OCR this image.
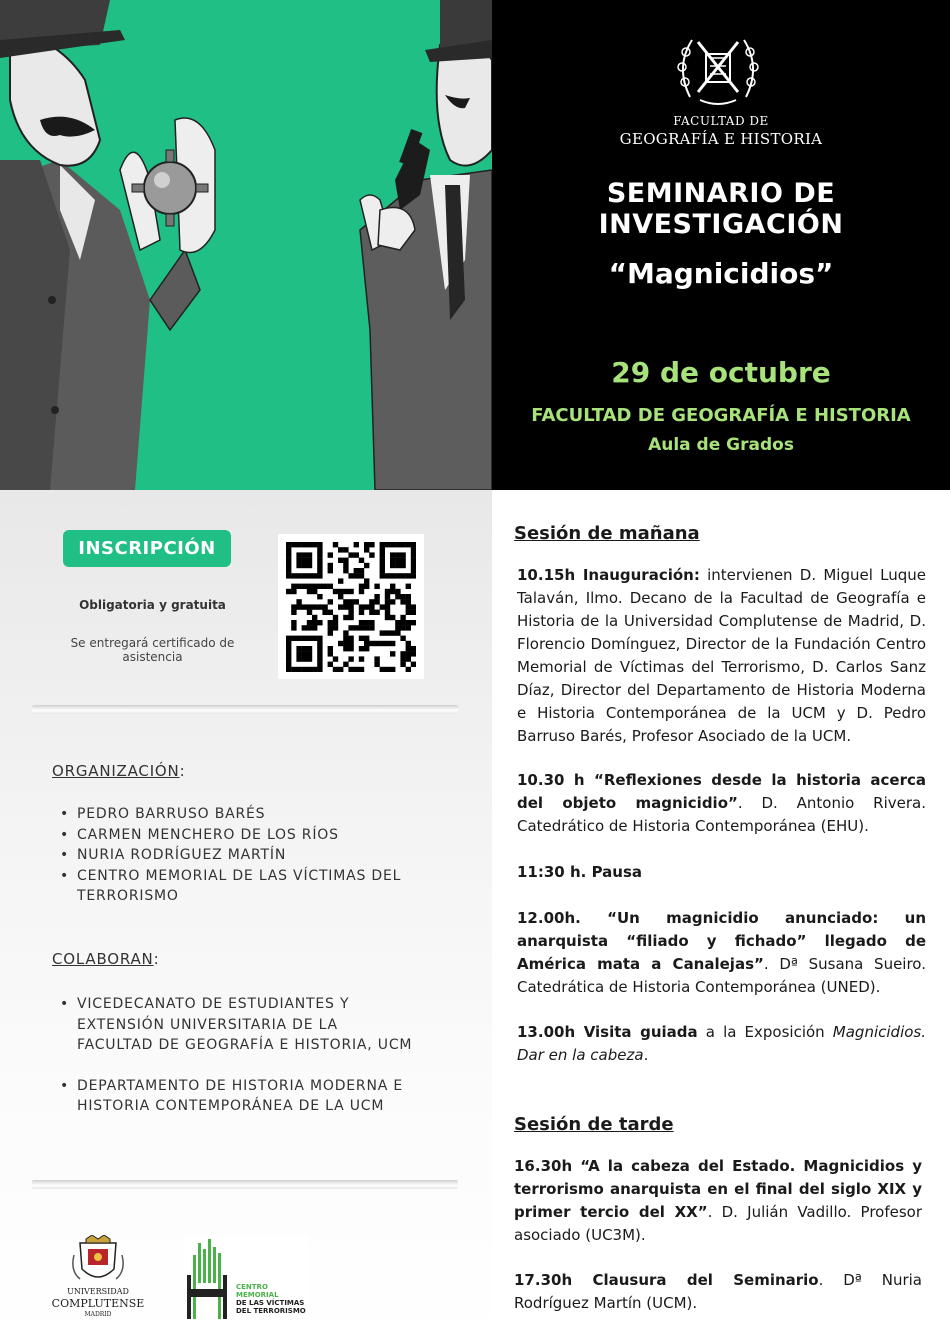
FACULTAD DE
GEOGRAFÍA E HISTORIA
SEMINARIO DE
INVESTIGACIÓN
“Magnicidios”
29 de octubre
FACULTAD DE GEOGRAFÍA E HISTORIA
Aula de Grados
INSCRIPCIÓN
Obligatoria y gratuita
Se entregará certificado de asistencia
ORGANIZACIÓN:
• PEDRO BARRUSO BARÉS
• CARMEN MENCHERO DE LOS RÍOS
• NURIA RODRÍGUEZ MARTÍN
• CENTRO MEMORIAL DE LAS VÍCTIMAS DEL TERRORISMO
COLABORAN:
• VICEDECANATO DE ESTUDIANTES Y EXTENSIÓN UNIVERSITARIA DE LA FACULTAD DE GEOGRAFÍA E HISTORIA, UCM
• DEPARTAMENTO DE HISTORIA MODERNA E HISTORIA CONTEMPORÁNEA DE LA UCM
UNIVERSIDAD
COMPLUTENSE
MADRID
CENTRO
MEMORIAL
DE LAS VÍCTIMAS
DEL TERRORISMO
Sesión de mañana
10.15h Inauguración: intervienen D. Miguel Luque Talaván, Ilmo. Decano de la Facultad de Geografía e Historia de la Universidad Complutense de Madrid, D. Florencio Domínguez, Director de la Fundación Centro Memorial de Víctimas del Terrorismo, D. Carlos Sanz Díaz, Director del Departamento de Historia Moderna e Historia Contemporánea de la UCM y D. Pedro Barruso Barés, Profesor Asociado de la UCM.
10.30 h “Reflexiones desde la historia acerca del objeto magnicidio”. D. Antonio Rivera. Catedrático de Historia Contemporánea (EHU).
11:30 h. Pausa
12.00h. “Un magnicidio anunciado: un anarquista “filiado y fichado” llegado de América mata a Canalejas”. Dª Susana Sueiro. Catedrática de Historia Contemporánea (UNED).
13.00h Visita guiada a la Exposición Magnicidios. Dar en la cabeza.
Sesión de tarde
16.30h “A la cabeza del Estado. Magnicidios y terrorismo anarquista en el final del siglo XIX y primer tercio del XX”. D. Julián Vadillo. Profesor asociado (UC3M).
17.30h Clausura del Seminario. Dª Nuria Rodríguez Martín (UCM).
